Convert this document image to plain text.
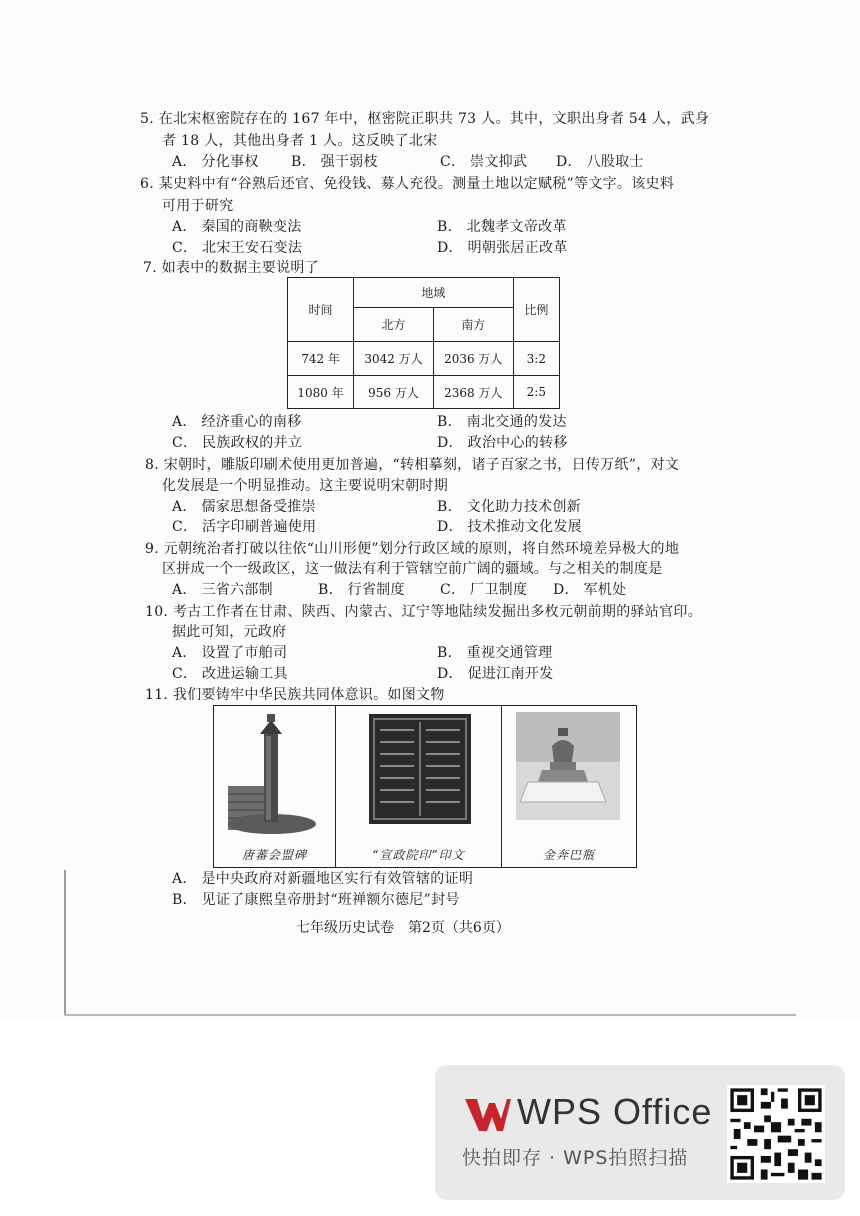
5. 在北宋枢密院存在的 167 年中，枢密院正职共 73 人。其中，文职出身者 54 人，武身
者 18 人，其他出身者 1 人。这反映了北宋
A． 分化事权 B． 强干弱枝	C． 崇文抑武 D． 八股取士
6. 某史料中有“谷熟后还官、免役钱、募人充役。测量土地以定赋税”等文字。该史料
可用于研究
A． 秦国的商鞅变法	B． 北魏孝文帝改革
C． 北宋王安石变法	D． 明朝张居正改革
7. 如表中的数据主要说明了
时间	地域		比例
	北方	南方	
742 年	3042 万人	2036 万人	3:2
1080 年	956 万人	2368 万人	2:5
A． 经济重心的南移	B． 南北交通的发达
C． 民族政权的并立	D． 政治中心的转移
8. 宋朝时，雕版印刷术使用更加普遍，“转相摹刻，诸子百家之书，日传万纸”，对文
化发展是一个明显推动。这主要说明宋朝时期
A． 儒家思想备受推崇	B． 文化助力技术创新
C． 活字印刷普遍使用	D． 技术推动文化发展
9. 元朝统治者打破以往依“山川形便”划分行政区域的原则，将自然环境差异极大的地
区拼成一个一级政区，这一做法有利于管辖空前广阔的疆域。与之相关的制度是
A． 三省六部制	B． 行省制度	C． 厂卫制度 D． 军机处
10. 考古工作者在甘肃、陕西、内蒙古、辽宁等地陆续发掘出多枚元朝前期的驿站官印。
据此可知，元政府
A． 设置了市舶司	B． 重视交通管理
C． 改进运输工具	D． 促进江南开发
11. 我们要铸牢中华民族共同体意识。如图文物
唐蕃会盟碑	“宣政院印”印文	金奔巴瓶
A． 是中央政府对新疆地区实行有效管辖的证明
B． 见证了康熙皇帝册封“班禅额尔德尼”封号
七年级历史试卷　第2页（共6页）
WPS Office
快拍即存 · WPS拍照扫描
